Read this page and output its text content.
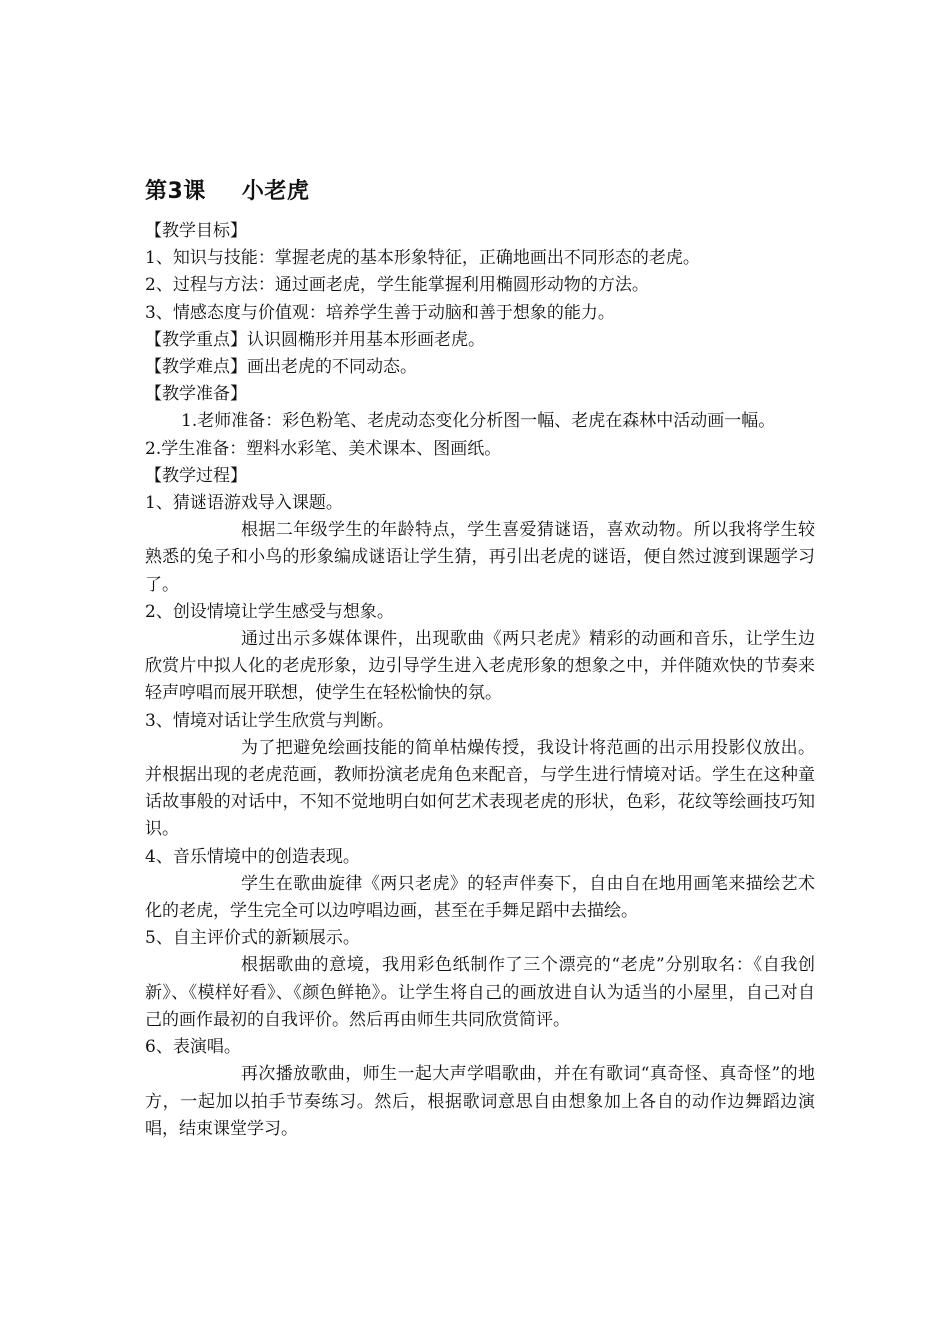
第3课 小老虎

【教学目标】

1、知识与技能：掌握老虎的基本形象特征，正确地画出不同形态的老虎。

2、过程与方法：通过画老虎，学生能掌握利用椭圆形动物的方法。

3、情感态度与价值观：培养学生善于动脑和善于想象的能力。

【教学重点】认识圆椭形并用基本形画老虎。

【教学难点】画出老虎的不同动态。

【教学准备】

1.老师准备：彩色粉笔、老虎动态变化分析图一幅、老虎在森林中活动画一幅。

2.学生准备：塑料水彩笔、美术课本、图画纸。

【教学过程】

1、猜谜语游戏导入课题。

根据二年级学生的年龄特点，学生喜爱猜谜语，喜欢动物。所以我将学生较熟悉的兔子和小鸟的形象编成谜语让学生猜，再引出老虎的谜语，便自然过渡到课题学习了。

2、创设情境让学生感受与想象。

通过出示多媒体课件，出现歌曲《两只老虎》精彩的动画和音乐，让学生边欣赏片中拟人化的老虎形象，边引导学生进入老虎形象的想象之中，并伴随欢快的节奏来轻声哼唱而展开联想，使学生在轻松愉快的氛。

3、情境对话让学生欣赏与判断。

为了把避免绘画技能的简单枯燥传授，我设计将范画的出示用投影仪放出。并根据出现的老虎范画，教师扮演老虎角色来配音，与学生进行情境对话。学生在这种童话故事般的对话中，不知不觉地明白如何艺术表现老虎的形状，色彩，花纹等绘画技巧知识。

4、音乐情境中的创造表现。

学生在歌曲旋律《两只老虎》的轻声伴奏下，自由自在地用画笔来描绘艺术化的老虎，学生完全可以边哼唱边画，甚至在手舞足蹈中去描绘。

5、自主评价式的新颖展示。

根据歌曲的意境，我用彩色纸制作了三个漂亮的“老虎”分别取名：《自我创新》、《模样好看》、《颜色鲜艳》。让学生将自己的画放进自认为适当的小屋里，自己对自己的画作最初的自我评价。然后再由师生共同欣赏简评。

6、表演唱。

再次播放歌曲，师生一起大声学唱歌曲，并在有歌词“真奇怪、真奇怪”的地方，一起加以拍手节奏练习。然后，根据歌词意思自由想象加上各自的动作边舞蹈边演唱，结束课堂学习。
